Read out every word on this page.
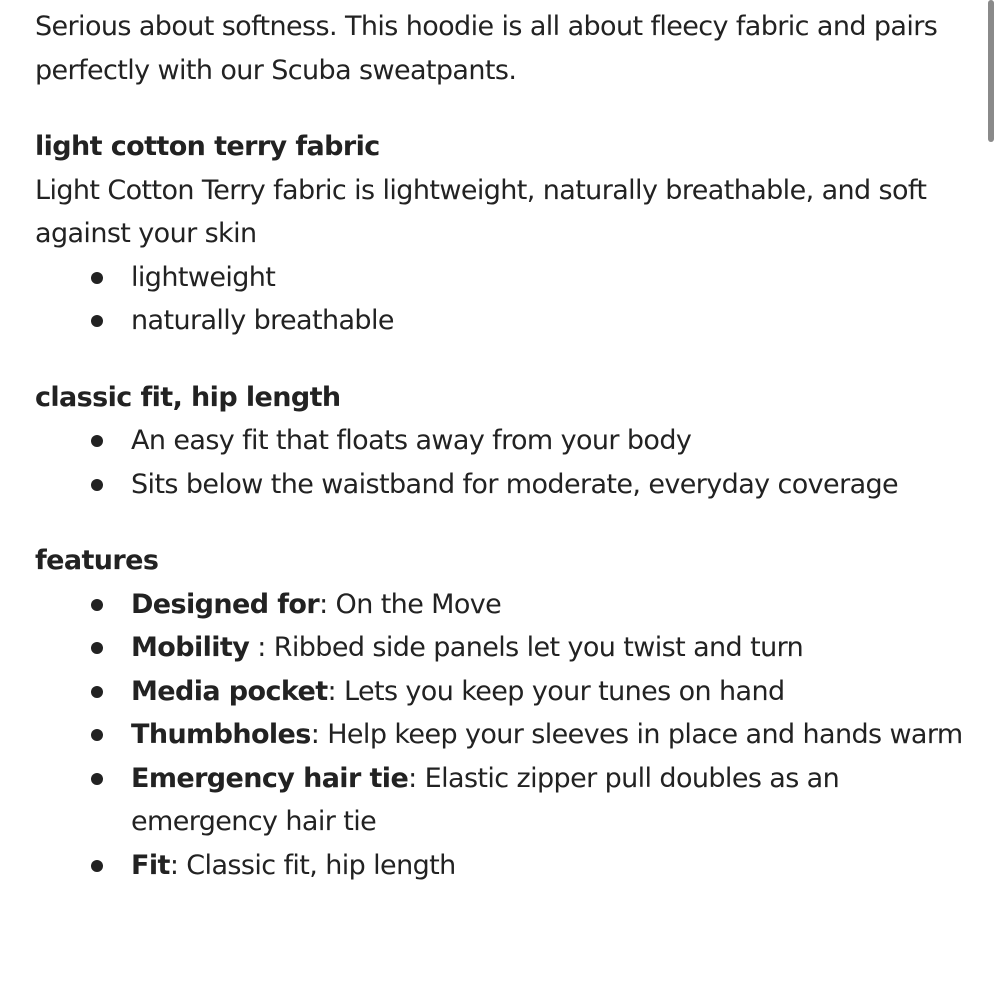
Serious about softness. This hoodie is all about fleecy fabric and pairs perfectly with our Scuba sweatpants.

light cotton terry fabric

Light Cotton Terry fabric is lightweight, naturally breathable, and soft against your skin

lightweight
naturally breathable
classic fit, hip length
An easy fit that floats away from your body
Sits below the waistband for moderate, everyday coverage
features
Designed for: On the Move
Mobility : Ribbed side panels let you twist and turn
Media pocket: Lets you keep your tunes on hand
Thumbholes: Help keep your sleeves in place and hands warm
Emergency hair tie: Elastic zipper pull doubles as an emergency hair tie
Fit: Classic fit, hip length
